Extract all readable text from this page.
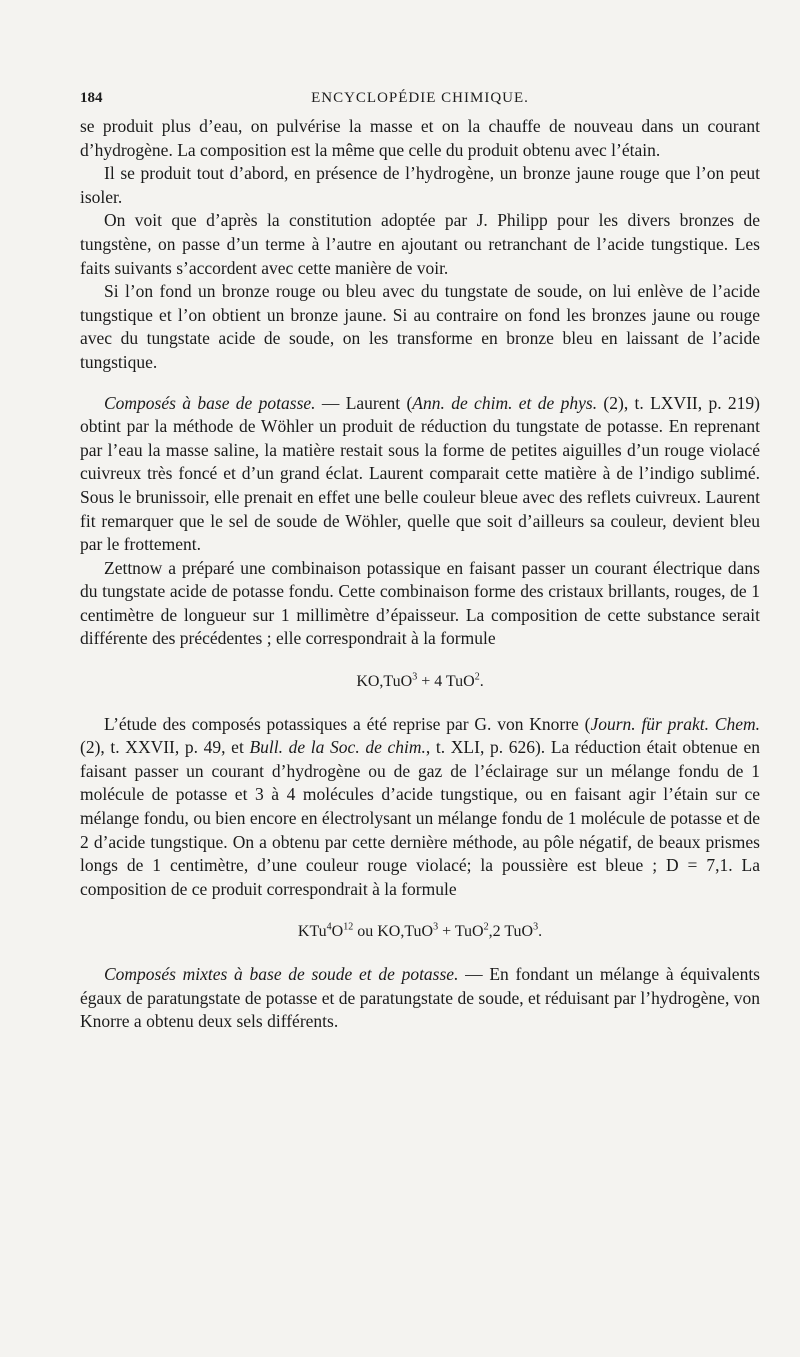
184	ENCYCLOPÉDIE CHIMIQUE.

se produit plus d’eau, on pulvérise la masse et on la chauffe de nouveau dans un courant d’hydrogène. La composition est la même que celle du produit obtenu avec l’étain.

Il se produit tout d’abord, en présence de l’hydrogène, un bronze jaune rouge que l’on peut isoler.

On voit que d’après la constitution adoptée par J. Philipp pour les divers bronzes de tungstène, on passe d’un terme à l’autre en ajoutant ou retranchant de l’acide tungstique. Les faits suivants s’accordent avec cette manière de voir.

Si l’on fond un bronze rouge ou bleu avec du tungstate de soude, on lui enlève de l’acide tungstique et l’on obtient un bronze jaune. Si au contraire on fond les bronzes jaune ou rouge avec du tungstate acide de soude, on les transforme en bronze bleu en laissant de l’acide tungstique.

Composés à base de potasse. — Laurent (Ann. de chim. et de phys. (2), t. LXVII, p. 219) obtint par la méthode de Wöhler un produit de réduction du tungstate de potasse. En reprenant par l’eau la masse saline, la matière restait sous la forme de petites aiguilles d’un rouge violacé cuivreux très foncé et d’un grand éclat. Laurent comparait cette matière à de l’indigo sublimé. Sous le brunissoir, elle prenait en effet une belle couleur bleue avec des reflets cuivreux. Laurent fit remarquer que le sel de soude de Wöhler, quelle que soit d’ailleurs sa couleur, devient bleu par le frottement.

Zettnow a préparé une combinaison potassique en faisant passer un courant électrique dans du tungstate acide de potasse fondu. Cette combinaison forme des cristaux brillants, rouges, de 1 centimètre de longueur sur 1 millimètre d’épaisseur. La composition de cette substance serait différente des précédentes ; elle correspondrait à la formule

KO,TuO$^3$ + 4 TuO$^2$.

L’étude des composés potassiques a été reprise par G. von Knorre (Journ. für prakt. Chem. (2), t. XXVII, p. 49, et Bull. de la Soc. de chim., t. XLI, p. 626). La réduction était obtenue en faisant passer un courant d’hydrogène ou de gaz de l’éclairage sur un mélange fondu de 1 molécule de potasse et 3 à 4 molécules d’acide tungstique, ou en faisant agir l’étain sur ce mélange fondu, ou bien encore en électrolysant un mélange fondu de 1 molécule de potasse et de 2 d’acide tungstique. On a obtenu par cette dernière méthode, au pôle négatif, de beaux prismes longs de 1 centimètre, d’une couleur rouge violacé; la poussière est bleue ; D = 7,1. La composition de ce produit correspondrait à la formule

$KTu^4O^{12}$ ou KO,TuO$^3$ + TuO$^2$,2 TuO$^3$.

Composés mixtes à base de soude et de potasse. — En fondant un mélange à équivalents égaux de paratungstate de potasse et de paratungstate de soude, et réduisant par l’hydrogène, von Knorre a obtenu deux sels différents.
